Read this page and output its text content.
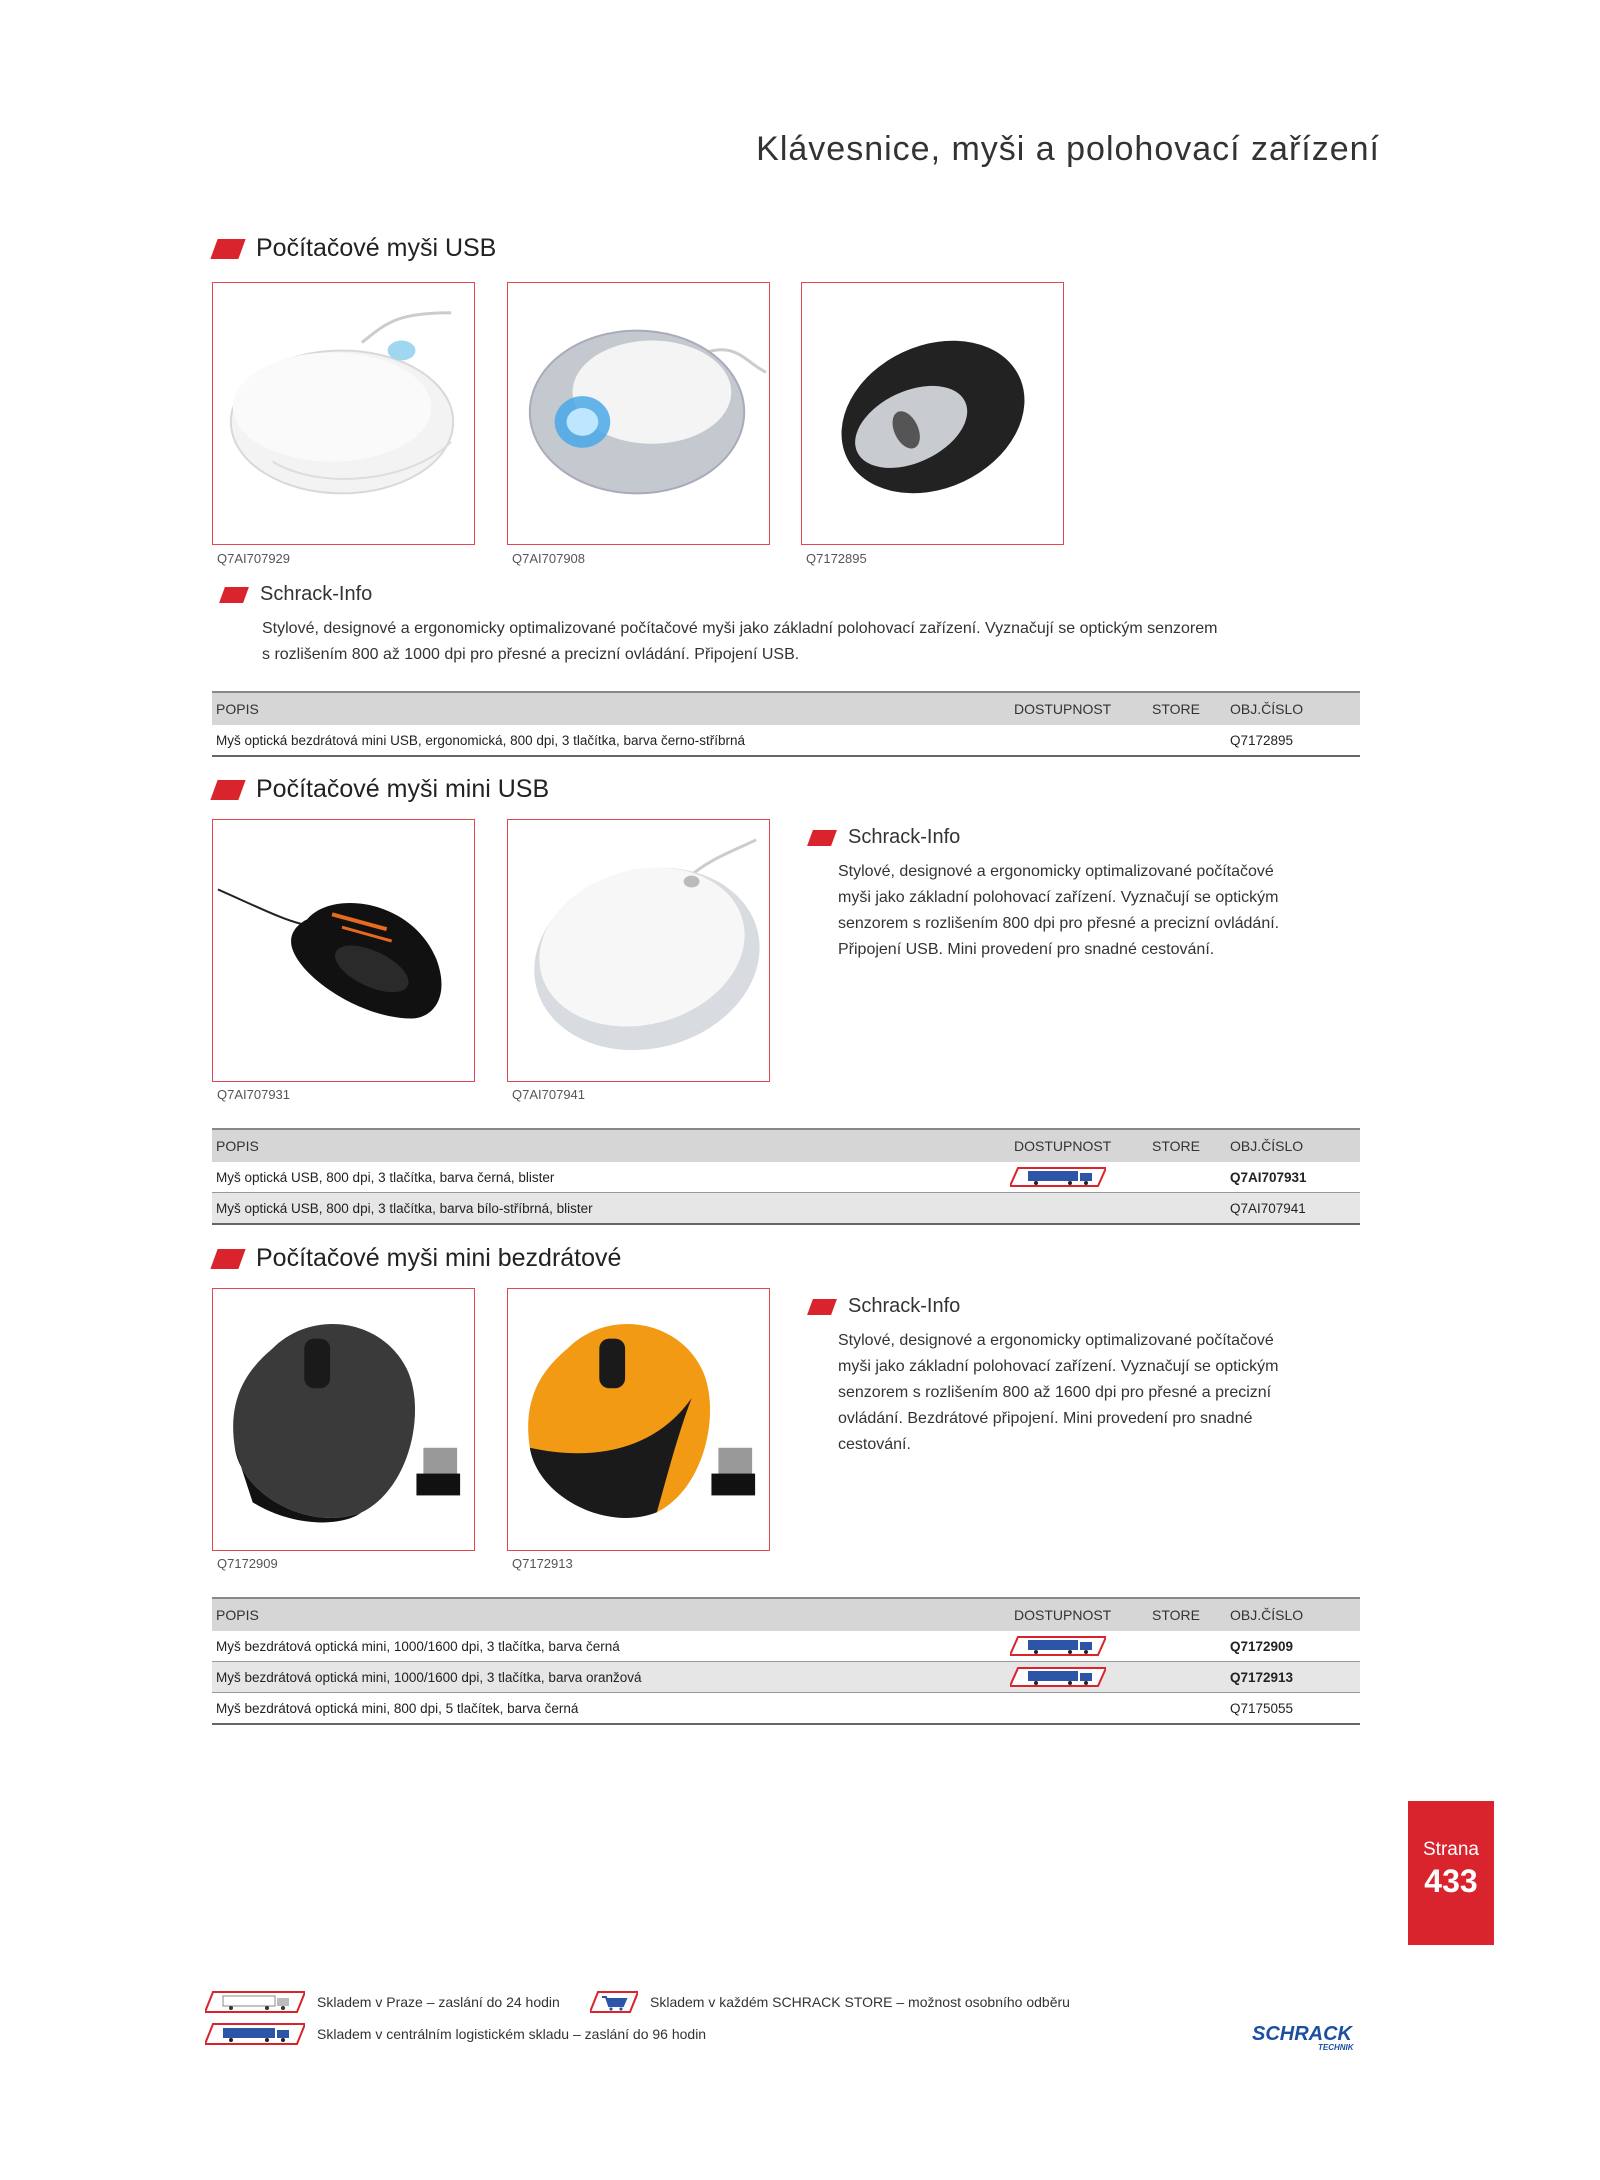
Klávesnice, myši a polohovací zařízení
Počítačové myši USB
Q7AI707929	Q7AI707908	Q7172895
Schrack-Info
Stylové, designové a ergonomicky optimalizované počítačové myši jako základní polohovací zařízení. Vyznačují se optickým senzorem
s rozlišením 800 až 1000 dpi pro přesné a precizní ovládání. Připojení USB.
POPIS	DOSTUPNOST	STORE	OBJ.ČÍSLO
Myš optická bezdrátová mini USB, ergonomická, 800 dpi, 3 tlačítka, barva černo-stříbrná			Q7172895
Počítačové myši mini USB
Q7AI707931	Q7AI707941
Schrack-Info
Stylové, designové a ergonomicky optimalizované počítačové
myši jako základní polohovací zařízení. Vyznačují se optickým
senzorem s rozlišením 800 dpi pro přesné a precizní ovládání.
Připojení USB. Mini provedení pro snadné cestování.
POPIS	DOSTUPNOST	STORE	OBJ.ČÍSLO
Myš optická USB, 800 dpi, 3 tlačítka, barva černá, blister			Q7AI707931
Myš optická USB, 800 dpi, 3 tlačítka, barva bílo-stříbrná, blister			Q7AI707941
Počítačové myši mini bezdrátové
Q7172909	Q7172913
Schrack-Info
Stylové, designové a ergonomicky optimalizované počítačové
myši jako základní polohovací zařízení. Vyznačují se optickým
senzorem s rozlišením 800 až 1600 dpi pro přesné a precizní
ovládání. Bezdrátové připojení. Mini provedení pro snadné
cestování.
POPIS	DOSTUPNOST	STORE	OBJ.ČÍSLO
Myš bezdrátová optická mini, 1000/1600 dpi, 3 tlačítka, barva černá			Q7172909
Myš bezdrátová optická mini, 1000/1600 dpi, 3 tlačítka, barva oranžová			Q7172913
Myš bezdrátová optická mini, 800 dpi, 5 tlačítek, barva černá			Q7175055
Strana
433
Skladem v Praze – zaslání do 24 hodin	Skladem v každém SCHRACK STORE – možnost osobního odběru
Skladem v centrálním logistickém skladu – zaslání do 96 hodin	SCHRACK
TECHNIK
